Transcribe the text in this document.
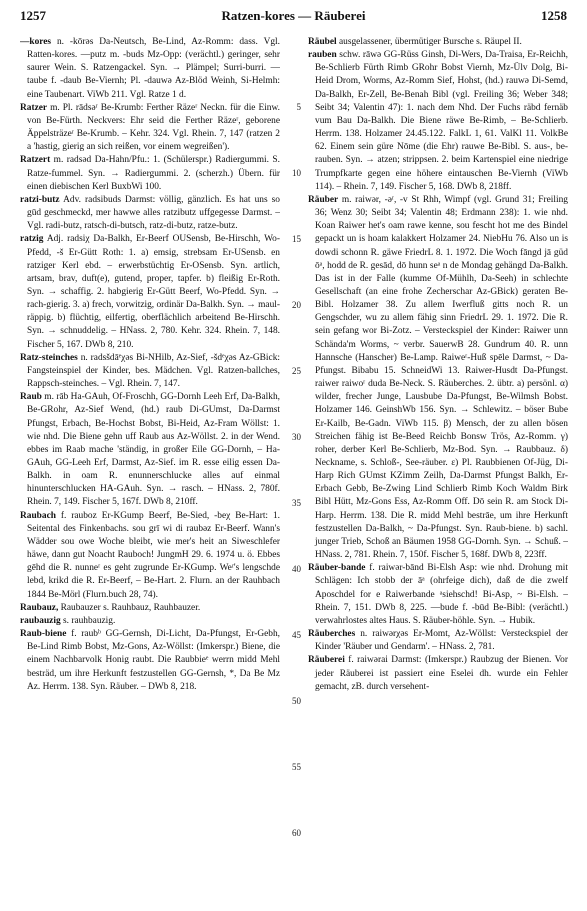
1257	Ratzen-kores — Räuberei	1258

—kores n. -kōrəs Da-Neutsch, Be-Lind, Az-Romm: dass. Vgl. Ratten-kores. —putz m. -buds Mz-Opp: (verächtl.) geringer, sehr saurer Wein. S. Ratzengackel. Syn. → Plämpel; Surri-burri. —taube f. -daub Be-Viernh; Pl. -dauwə Az-Blöd Weinh, Si-Helmh: eine Taubenart. ViWb 211. Vgl. Ratze 1 d.

Ratzer m. Pl. rādsəʳ Be-Krumb: Ferther Räzeʳ Neckn. für die Einw. von Be-Fürth. Neckvers: Ehr seid die Ferther Räzeʳ, geborene Äppelsträzeʳ Be-Krumb. – Kehr. 324. Vgl. Rhein. 7, 147 (ratzen 2 a 'hastig, gierig an sich reißen, vor einem wegreißen').

Ratzert m. radsəd Da-Hahn/Pfu.: 1. (Schülerspr.) Radiergummi. S. Ratze-fummel. Syn. → Radiergummi. 2. (scherzh.) Übern. für einen diebischen Kerl BuxbWi 100.

ratzi-butz Adv. radsibuds Darmst: völlig, gänzlich. Es hat uns so gūd geschmeckd, mer hawwe alles ratzibutz uffgegesse Darmst. – Vgl. radi-butz, ratsch-di-butsch, ratz-di-butz, ratze-butz.

ratzig Adj. radsiχ Da-Balkh, Er-Beerf OUSensb, Be-Hirschh, Wo-Pfedd, -š Er-Gütt Roth: 1. a) emsig, strebsam Er-USensb. en ratziger Kerl ebd. – erwerbstüchtig Er-OSensb. Syn. artlich, artsam, brav, duft(e), gutend, proper, tapfer. b) fleißig Er-Roth. Syn. → schaffig. 2. habgierig Er-Gütt Beerf, Wo-Pfedd. Syn. → rach-gierig. 3. a) frech, vorwitzig, ordinär Da-Balkh. Syn. → maul-räppig. b) flüchtig, eilfertig, oberflächlich arbeitend Be-Hirschh. Syn. → schnuddelig. – HNass. 2, 780. Kehr. 324. Rhein. 7, 148. Fischer 5, 167. DWb 8, 210.

Ratz-steinches n. radsšdāᵉχəs Bi-NHilb, Az-Sief, -šdᵉχəs Az-GBick: Fangsteinspiel der Kinder, bes. Mädchen. Vgl. Ratzen-ballches, Rappsch-steinches. – Vgl. Rhein. 7, 147.

Raub m. rāb Ha-GAuh, Of-Froschh, GG-Dornh Leeh Erf, Da-Balkh, Be-GRohr, Az-Sief Wend, (hd.) raub Di-GUmst, Da-Darmst Pfungst, Erbach, Be-Hochst Bobst, Bi-Heid, Az-Fram Wöllst: 1. wie nhd. Die Biene gehn uff Raub aus Az-Wöllst. 2. in der Wend. ebbes im Raab mache 'ständig, in großer Eile GG-Dornh, – Ha-GAuh, GG-Leeh Erf, Darmst, Az-Sief. im R. esse eilig essen Da-Balkh. in oam R. enunnerschlucke alles auf einmal hinunterschlucken HA-GAuh. Syn. → rasch. – HNass. 2, 780f. Rhein. 7, 149. Fischer 5, 167f. DWb 8, 210ff.

Raubach f. rauboz Er-KGump Beerf, Be-Sied, -beχ Be-Hart: 1. Seitental des Finkenbachs. sou grī wi di raubəz Er-Beerf. Wann's Wädder sou owe Woche bleibt, wie mer's heit an Siweschlefer häwe, dann gut Noacht Rauboch! JungmH 29. 6. 1974 u. ö. Ebbes gēhd die R. nunneʳ es geht zugrunde Er-KGump. Weʳ's lengschde lebd, krikd die R. Er-Beerf, – Be-Hart. 2. Flurn. an der Rauhbach 1844 Be-Mörl (Flurn.buch 28, 74).

Raubauz, Raubauzer s. Rauhbauz, Rauhbauzer.

raubauzig s. rauhbauzig.

Raub-biene f. raubᵇ GG-Gernsh, Di-Licht, Da-Pfungst, Er-Gebh, Be-Lind Rimb Bobst, Mz-Gons, Az-Wöllst: (Imkerspr.) Biene, die einem Nachbarvolk Honig raubt. Die Raubbieᵉ werrn midd Mehl besträd, um ihre Herkunft festzustellen GG-Gernsh, *, Da Be Mz Az. Herrm. 138. Syn. Räuber. – DWb 8, 218.

5
10
15
20
25
30
35
40
45
50
55
60

Räubel ausgelassener, übermütiger Bursche s. Räupel II.

rauben schw. rāwə GG-Rüss Ginsh, Di-Wers, Da-Traisa, Er-Reichh, Be-Schlierb Fürth Rimb GRohr Bobst Viernh, Mz-Ülv Dolg, Bi-Heid Drom, Worms, Az-Romm Sief, Hohst, (hd.) rauwə Di-Semd, Da-Balkh, Er-Zell, Be-Benah Bibl (vgl. Freiling 36; Weber 348; Seibt 34; Valentin 47): 1. nach dem Nhd. Der Fuchs räbd fernäb vum Bau Da-Balkh. Die Biene räwe Be-Rimb, – Be-Schlierb. Herrm. 138. Holzamer 24.45.122. FalkL 1, 61. ValKl 11. VolkBe 62. Einem sein güre Nōme (die Ehr) rauwe Be-Bibl. S. aus-, be-rauben. Syn. → atzen; strippsen. 2. beim Kartenspiel eine niedrige Trumpfkarte gegen eine höhere eintauschen Be-Viernh (ViWb 114). – Rhein. 7, 149. Fischer 5, 168. DWb 8, 218ff.

Räuber m. raiwər, -əʳ, -v St Rhh, Wimpf (vgl. Grund 31; Freiling 36; Wenz 30; Seibt 34; Valentin 48; Erdmann 238): 1. wie nhd. Koan Raiwer het's oam rawe kenne, sou fescht hot me des Bindel gepackt un is hoam kalakkert Holzamer 24. NiebHu 76. Also un is dowdi schonn R. gäwe FriedrL 8. 1. 1972. Die Woch fāngd jā güd ōᵃ, hodd de R. gesād, dō hunn seᵃ n de Mondag gehängd Da-Balkh. Das ist in der Falle (kumme Of-Mühlh, Da-Seeh) in schlechte Gesellschaft (an eine frohe Zecherschar Az-GBick) geraten Be-Bibl. Holzamer 38. Zu allem Iwerfluß gitts noch R. un Gengschder, wu zu allem fähig sinn FriedrL 29. 1. 1972. Die R. sein gefang wor Bi-Zotz. – Versteckspiel der Kinder: Raiwer unn Schända'm Worms, ~ verbr. SauerwB 28. Gundrum 40. R. unn Hannsche (Hanscher) Be-Lamp. Raiweʳ-Huß spēle Darmst, ~ Da-Pfungst. Bibabu 15. SchneidWi 13. Raiwer-Husdt Da-Pfungst. raiwer raiwoʳ duda Be-Neck. S. Räuberches. 2. übtr. a) persönl. α) wilder, frecher Junge, Lausbube Da-Pfungst, Be-Wilmsh Bobst. Holzamer 146. GeinshWb 156. Syn. → Schlewitz. – böser Bube Er-Kailb, Be-Gadn. ViWb 115. β) Mensch, der zu allen bösen Streichen fähig ist Be-Beed Reichb Bonsw Trös, Az-Romm. γ) roher, derber Kerl Be-Schlierb, Mz-Bod. Syn. → Raubbauz. δ) Neckname, s. Schloß-, See-räuber. ε) Pl. Raubbienen Of-Jüg, Di-Harp Rich GUmst KZimm Zeilh, Da-Darmst Pfungst Balkh, Er-Erbach Gebb, Be-Zwing Lind Schlierb Rimb Koch Waldm Birk Bibl Hütt, Mz-Gons Ess, Az-Romm Off. Dō sein R. am Stock Di-Harp. Herrm. 138. Die R. midd Mehl bestrāe, um ihre Herkunft festzustellen Da-Balkh, ~ Da-Pfungst. Syn. Raub-biene. b) sachl. junger Trieb, Schoß an Bäumen 1958 GG-Dornh. Syn. → Schuß. – HNass. 2, 781. Rhein. 7, 150f. Fischer 5, 168f. DWb 8, 223ff.

Räuber-bande f. raiwər-bānd Bi-Elsh Asp: wie nhd. Drohung mit Schlägen: Ich stobb der āᵃ (ohrfeige dich), daß de die zwelf Aposchdel for e Raiwerbande ᵃsiehschd! Bi-Asp, ~ Bi-Elsh. – Rhein. 7, 151. DWb 8, 225. —bude f. -būd Be-Bibl: (verächtl.) verwahrlostes altes Haus. S. Räuber-höhle. Syn. → Hubik.

Räuberches n. raiwərχəs Er-Momt, Az-Wöllst: Versteckspiel der Kinder 'Räuber und Gendarm'. – HNass. 2, 781.

Räuberei f. raiwərai Darmst: (Imkerspr.) Raubzug der Bienen. Vor jeder Räuberei ist passiert eine Eselei dh. wurde ein Fehler gemacht, zB. durch versehent-
